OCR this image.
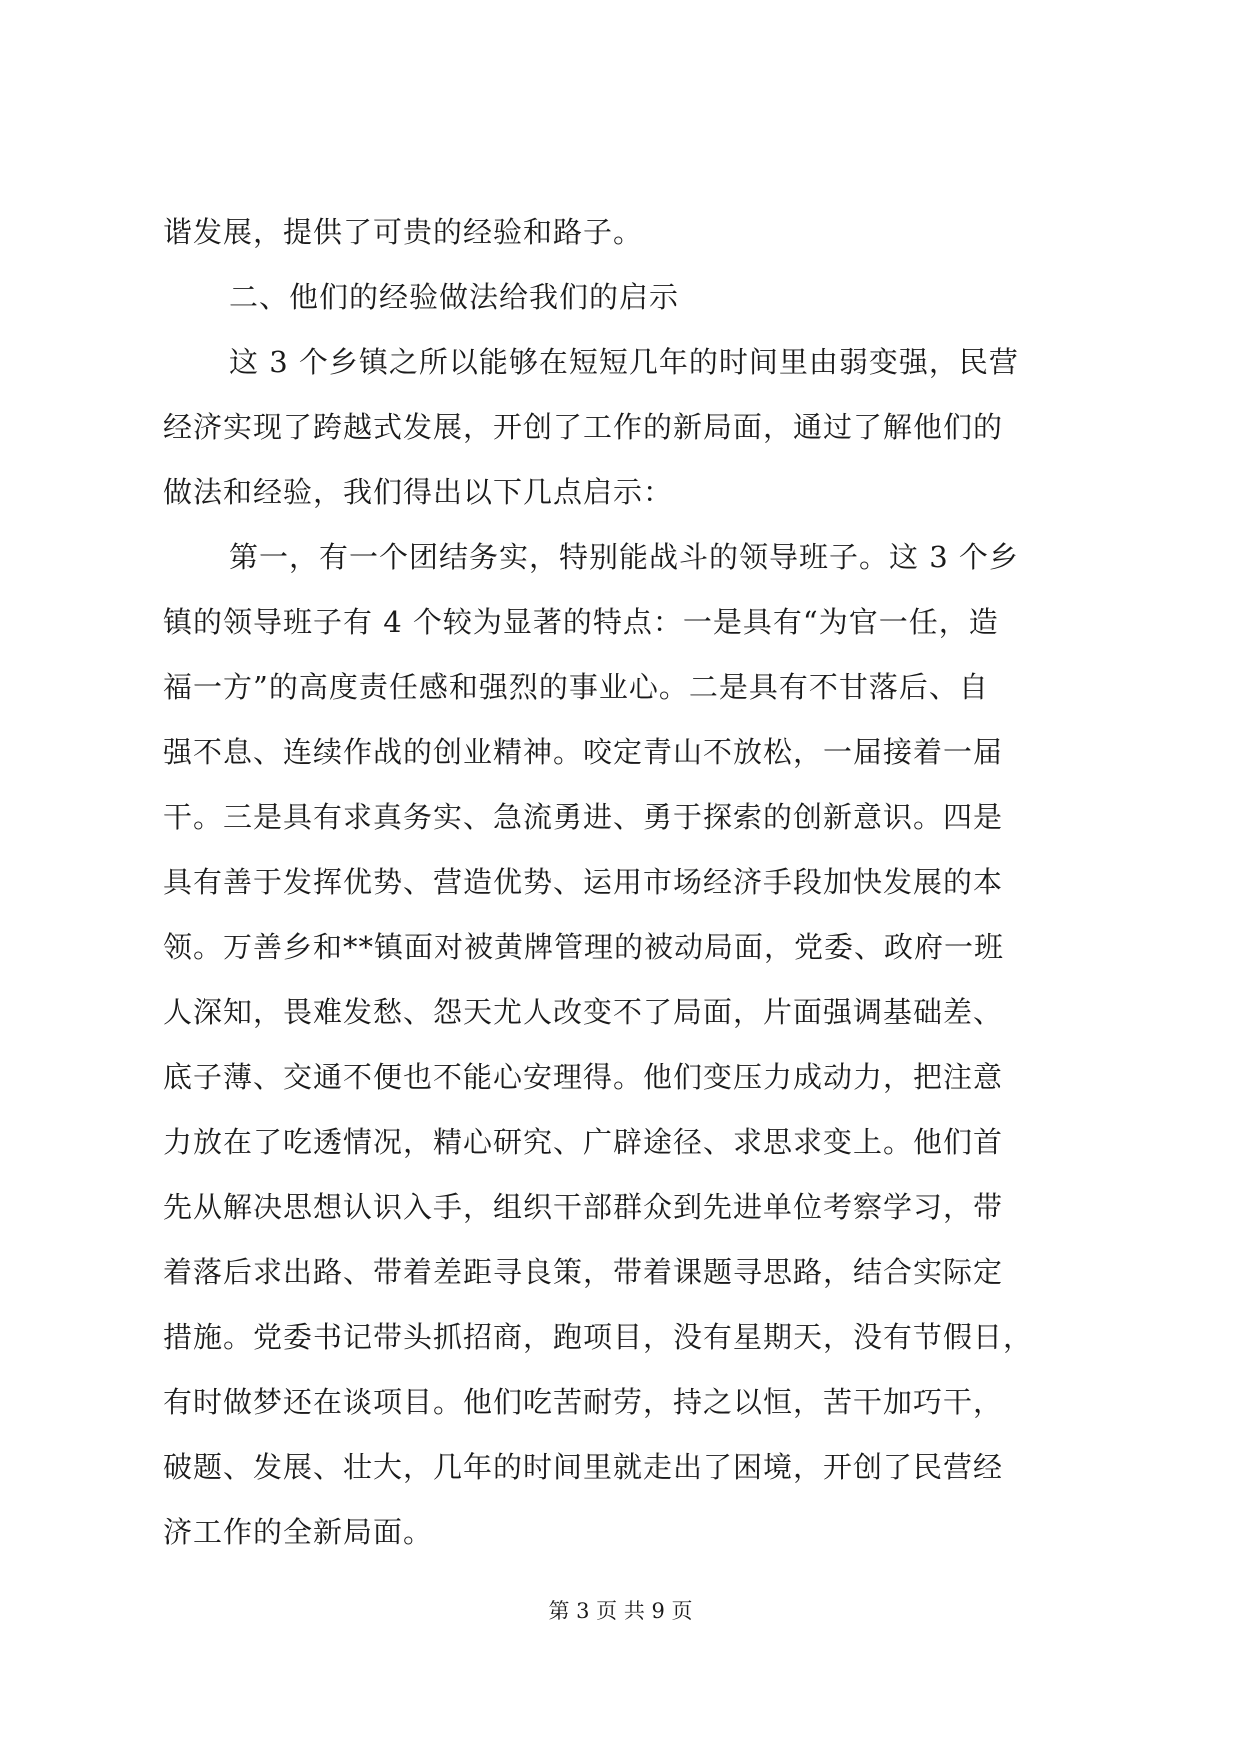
谐发展，提供了可贵的经验和路子。
二、他们的经验做法给我们的启示
这 3 个乡镇之所以能够在短短几年的时间里由弱变强，民营
经济实现了跨越式发展，开创了工作的新局面，通过了解他们的
做法和经验，我们得出以下几点启示：
第一，有一个团结务实，特别能战斗的领导班子。这 3 个乡
镇的领导班子有 4 个较为显著的特点：一是具有“为官一任，造
福一方”的高度责任感和强烈的事业心。二是具有不甘落后、自
强不息、连续作战的创业精神。咬定青山不放松，一届接着一届
干。三是具有求真务实、急流勇进、勇于探索的创新意识。四是
具有善于发挥优势、营造优势、运用市场经济手段加快发展的本
领。万善乡和**镇面对被黄牌管理的被动局面，党委、政府一班
人深知，畏难发愁、怨天尤人改变不了局面，片面强调基础差、
底子薄、交通不便也不能心安理得。他们变压力成动力，把注意
力放在了吃透情况，精心研究、广辟途径、求思求变上。他们首
先从解决思想认识入手，组织干部群众到先进单位考察学习，带
着落后求出路、带着差距寻良策，带着课题寻思路，结合实际定
措施。党委书记带头抓招商，跑项目，没有星期天，没有节假日，
有时做梦还在谈项目。他们吃苦耐劳，持之以恒，苦干加巧干，
破题、发展、壮大，几年的时间里就走出了困境，开创了民营经
济工作的全新局面。
第 3 页 共 9 页
